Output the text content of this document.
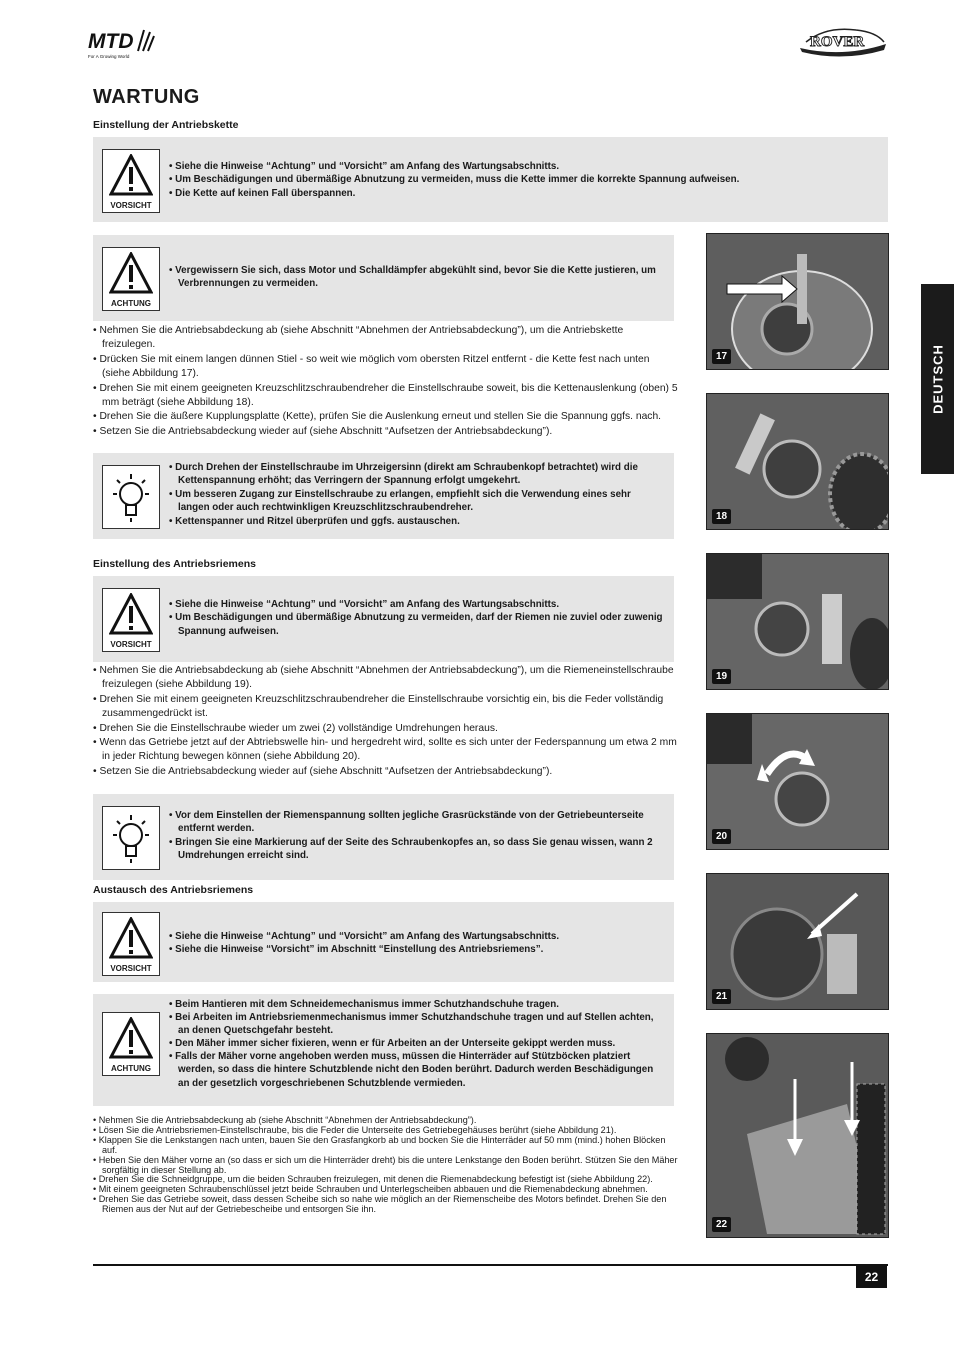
MTD
For A Growing World
ROVER
WARTUNG
Einstellung der Antriebskette
VORSICHT
• Siehe die Hinweise “Achtung” und “Vorsicht” am Anfang des Wartungsabschnitts.
• Um Beschädigungen und übermäßige Abnutzung zu vermeiden, muss die Kette immer die korrekte Spannung aufweisen.
• Die Kette auf keinen Fall überspannen.
ACHTUNG
• Vergewissern Sie sich, dass Motor und Schalldämpfer abgekühlt sind, bevor Sie die Kette justieren, um Verbrennungen zu vermeiden.
• Nehmen Sie die Antriebsabdeckung ab (siehe Abschnitt “Abnehmen der Antriebsabdeckung”), um die Antriebskette freizulegen.
• Drücken Sie mit einem langen dünnen Stiel - so weit wie möglich vom obersten Ritzel entfernt - die Kette fest nach unten (siehe Abbildung 17).
• Drehen Sie mit einem geeigneten Kreuzschlitzschraubendreher die Einstellschraube soweit, bis die Kettenauslenkung (oben) 5 mm beträgt (siehe Abbildung 18).
• Drehen Sie die äußere Kupplungsplatte (Kette), prüfen Sie die Auslenkung erneut und stellen Sie die Spannung ggfs. nach.
• Setzen Sie die Antriebsabdeckung wieder auf (siehe Abschnitt “Aufsetzen der Antriebsabdeckung”).
• Durch Drehen der Einstellschraube im Uhrzeigersinn (direkt am Schraubenkopf betrachtet) wird die Kettenspannung erhöht; das Verringern der Spannung erfolgt umgekehrt.
• Um besseren Zugang zur Einstellschraube zu erlangen, empfiehlt sich die Verwendung eines sehr langen oder auch rechtwinkligen Kreuzschlitzschraubendreher.
• Kettenspanner und Ritzel überprüfen und ggfs. austauschen.
Einstellung des Antriebsriemens
VORSICHT
• Siehe die Hinweise “Achtung” und “Vorsicht” am Anfang des Wartungsabschnitts.
• Um Beschädigungen und übermäßige Abnutzung zu vermeiden, darf der Riemen nie zuviel oder zuwenig Spannung aufweisen.
• Nehmen Sie die Antriebsabdeckung ab (siehe Abschnitt “Abnehmen der Antriebsabdeckung”), um die Riemeneinstellschraube freizulegen (siehe Abbildung 19).
• Drehen Sie mit einem geeigneten Kreuzschlitzschraubendreher die Einstellschraube vorsichtig ein, bis die Feder vollständig zusammengedrückt ist.
• Drehen Sie die Einstellschraube wieder um zwei (2) vollständige Umdrehungen heraus.
• Wenn das Getriebe jetzt auf der Abtriebswelle hin- und hergedreht wird, sollte es sich unter der Federspannung um etwa 2 mm in jeder Richtung bewegen können (siehe Abbildung 20).
• Setzen Sie die Antriebsabdeckung wieder auf (siehe Abschnitt “Aufsetzen der Antriebsabdeckung”).
• Vor dem Einstellen der Riemenspannung sollten jegliche Grasrückstände von der Getriebeunterseite entfernt werden.
• Bringen Sie eine Markierung auf der Seite des Schraubenkopfes an, so dass Sie genau wissen, wann 2 Umdrehungen erreicht sind.
Austausch des Antriebsriemens
VORSICHT
• Siehe die Hinweise “Achtung” und “Vorsicht” am Anfang des Wartungsabschnitts.
• Siehe die Hinweise “Vorsicht” im Abschnitt “Einstellung des Antriebsriemens”.
ACHTUNG
• Beim Hantieren mit dem Schneidemechanismus immer Schutzhandschuhe tragen.
• Bei Arbeiten im Antriebsriemenmechanismus immer Schutzhandschuhe tragen und auf Stellen achten, an denen Quetschgefahr besteht.
• Den Mäher immer sicher fixieren, wenn er für Arbeiten an der Unterseite gekippt werden muss.
• Falls der Mäher vorne angehoben werden muss, müssen die Hinterräder auf Stützböcken platziert werden, so dass die hintere Schutzblende nicht den Boden berührt. Dadurch werden Beschädigungen an der gesetzlich vorgeschriebenen Schutzblende vermieden.
• Nehmen Sie die Antriebsabdeckung ab (siehe Abschnitt “Abnehmen der Antriebsabdeckung”).
• Lösen Sie die Antriebsriemen-Einstellschraube, bis die Feder die Unterseite des Getriebegehäuses berührt (siehe Abbildung 21).
• Klappen Sie die Lenkstangen nach unten, bauen Sie den Grasfangkorb ab und bocken Sie die Hinterräder auf 50 mm (mind.) hohen Blöcken auf.
• Heben Sie den Mäher vorne an (so dass er sich um die Hinterräder dreht) bis die untere Lenkstange den Boden berührt. Stützen Sie den Mäher sorgfältig in dieser Stellung ab.
• Drehen Sie die Schneidgruppe, um die beiden Schrauben freizulegen, mit denen die Riemenabdeckung befestigt ist (siehe Abbildung 22).
• Mit einem geeigneten Schraubenschlüssel jetzt beide Schrauben und Unterlegscheiben abbauen und die Riemenabdeckung abnehmen.
• Drehen Sie das Getriebe soweit, dass dessen Scheibe sich so nahe wie möglich an der Riemenscheibe des Motors befindet. Drehen Sie den Riemen aus der Nut auf der Getriebescheibe und entsorgen Sie ihn.
17
18
19
20
21
22
DEUTSCH
22
